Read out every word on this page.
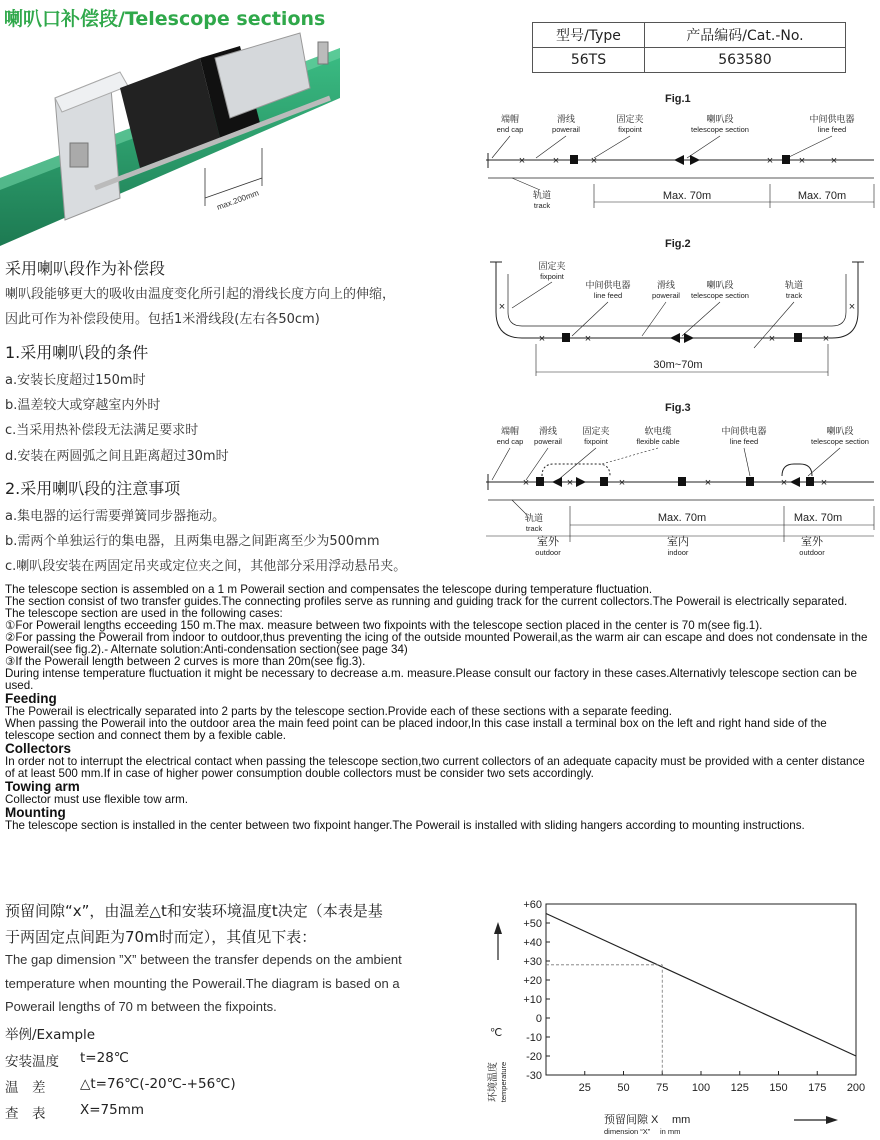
喇叭口补偿段/Telescope sections
型号/Type	产品编码/Cat.-No.
56TS	563580
max.200mm
Fig.1
端帽
end cap
滑线
powerail
固定夹
fixpoint
喇叭段
telescope section
中间供电器
line feed
轨道
track
Max. 70m	Max. 70m
×	×	×	× × ×
Fig.2
固定夹
fixpoint
中间供电器
line feed
滑线
powerail
喇叭段
telescope section
轨道
track
30m~70m
×
×	×	×	×
×
Fig.3
端帽
end cap
滑线
powerail
固定夹
fixpoint
软电缆
flexible cable
中间供电器
line feed
喇叭段
telescope section
轨道
track
Max. 70m	Max. 70m
室外
outdoor
室内
indoor
室外
outdoor
×	×	×	×	×	×
采用喇叭段作为补偿段
喇叭段能够更大的吸收由温度变化所引起的滑线长度方向上的伸缩，
因此可作为补偿段使用。包括1米滑线段(左右各50cm)
1.采用喇叭段的条件
a.安装长度超过150m时
b.温差较大或穿越室内外时
c.当采用热补偿段无法满足要求时
d.安装在两圆弧之间且距离超过30m时
2.采用喇叭段的注意事项
a.集电器的运行需要弹簧同步器拖动。
b.需两个单独运行的集电器，且两集电器之间距离至少为500mm
c.喇叭段安装在两固定吊夹或定位夹之间，其他部分采用浮动悬吊夹。

The telescope section is assembled on a 1 m Powerail section and compensates the telescope during temperature fluctuation.

The section consist of two transfer guides.The connecting profiles serve as running and guiding track for the current collectors.The Powerail is electrically separated.

The telescope section are used in the following cases:

①For Powerail lengths ecceeding 150 m.The max. measure between two fixpoints with the telescope section placed in the center is 70 m(see fig.1).

②For passing the Powerail from indoor to outdoor,thus preventing the icing of the outside mounted Powerail,as the warm air can escape and does not condensate in the Powerail(see fig.2).- Alternate solution:Anti-condensation section(see page 34)

③If the Powerail length between 2 curves is more than 20m(see fig.3).

During intense temperature fluctuation it might be necessary to decrease a.m. measure.Please consult our factory in these cases.Alternativly telescope section can be used.

Feeding

The Powerail is electrically separated into 2 parts by the telescope section.Provide each of these sections with a separate feeding.

When passing the Powerail into the outdoor area the main feed point can be placed indoor,In this case install a terminal box on the left and right hand side of the telescope section and connect them by a fexible cable.

Collectors

In order not to interrupt the electrical contact when passing the telescope section,two current collectors of an adequate capacity must be provided with a center distance of at least 500 mm.If in case of higher power consumption double collectors must be consider two sets accordingly.

Towing arm

Collector must use flexible tow arm.

Mounting

The telescope section is installed in the center between two fixpoint hanger.The Powerail is installed with sliding hangers according to mounting instructions.

预留间隙“x”，由温差△t和安装环境温度t决定（本表是基
于两固定点间距为70m时而定），其值见下表：
The gap dimension ”X” between the transfer depends on the ambient
temperature when mounting the Powerail.The diagram is based on a
Powerail lengths of 70 m between the fixpoints.
举例/Example
安装温度 t=28℃
温　差	△t=76℃(-20℃-+56℃)
查　表	X=75mm
+60
+50
+40
+30
+20
+10
0
-10
-20
-30
25 50 75 100 125 150 175 200
℃
环境温度 temperature
预留间隙 X mm
dimension “X” in mm
